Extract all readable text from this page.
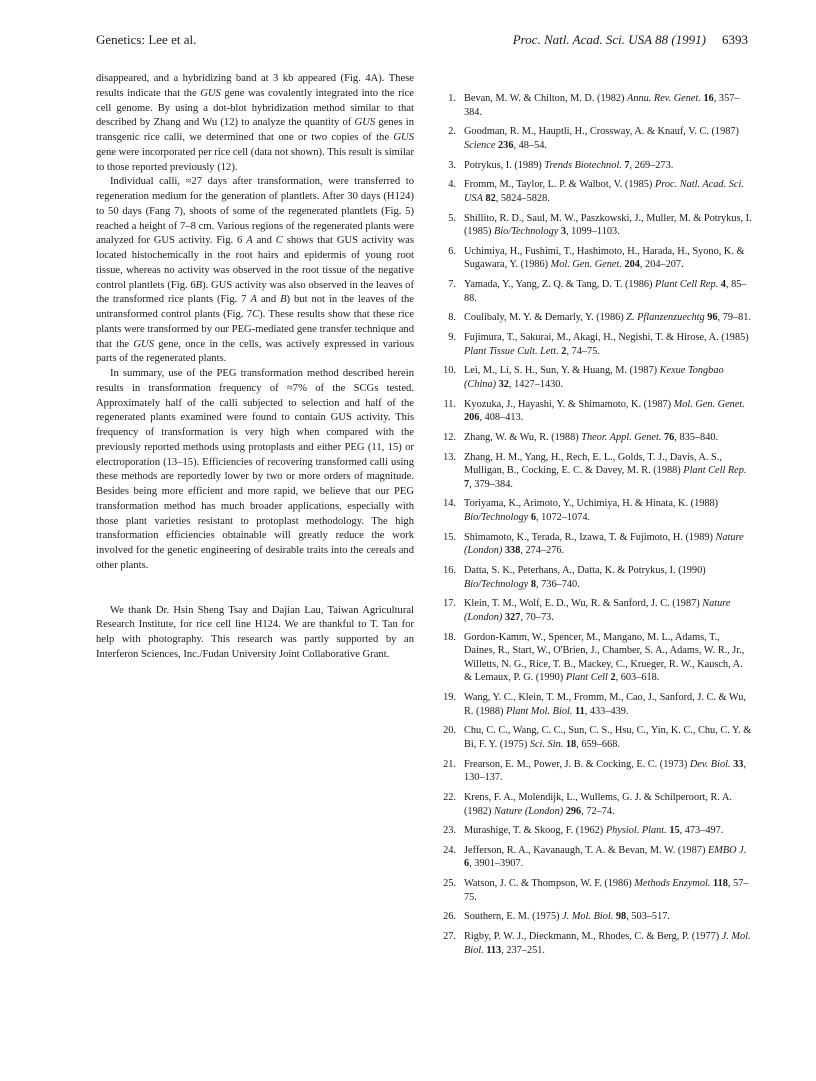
Genetics: Lee et al.	Proc. Natl. Acad. Sci. USA 88 (1991) 6393

disappeared, and a hybridizing band at 3 kb appeared (Fig. 4A). These results indicate that the GUS gene was covalently integrated into the rice cell genome. By using a dot-blot hybridization method similar to that described by Zhang and Wu (12) to analyze the quantity of GUS genes in transgenic rice calli, we determined that one or two copies of the GUS gene were incorporated per rice cell (data not shown). This result is similar to those reported previously (12).

Individual calli, ≈27 days after transformation, were transferred to regeneration medium for the generation of plantlets. After 30 days (H124) to 50 days (Fang 7), shoots of some of the regenerated plantlets (Fig. 5) reached a height of 7–8 cm. Various regions of the regenerated plants were analyzed for GUS activity. Fig. 6 A and C shows that GUS activity was located histochemically in the root hairs and epidermis of young root tissue, whereas no activity was observed in the root tissue of the negative control plantlets (Fig. 6B). GUS activity was also observed in the leaves of the transformed rice plants (Fig. 7 A and B) but not in the leaves of the untransformed control plants (Fig. 7C). These results show that these rice plants were transformed by our PEG-mediated gene transfer technique and that the GUS gene, once in the cells, was actively expressed in various parts of the regenerated plants.

In summary, use of the PEG transformation method described herein results in transformation frequency of ≈7% of the SCGs tested. Approximately half of the calli subjected to selection and half of the regenerated plants examined were found to contain GUS activity. This frequency of transformation is very high when compared with the previously reported methods using protoplasts and either PEG (11, 15) or electroporation (13–15). Efficiencies of recovering transformed calli using these methods are reportedly lower by two or more orders of magnitude. Besides being more efficient and more rapid, we believe that our PEG transformation method has much broader applications, especially with those plant varieties resistant to protoplast methodology. The high transformation efficiencies obtainable will greatly reduce the work involved for the genetic engineering of desirable traits into the cereals and other plants.

We thank Dr. Hsin Sheng Tsay and Dajian Lau, Taiwan Agricultural Research Institute, for rice cell line H124. We are thankful to T. Tan for help with photography. This research was partly supported by an Interferon Sciences, Inc./Fudan University Joint Collaborative Grant.

1. Bevan, M. W. & Chilton, M. D. (1982) Annu. Rev. Genet. 16, 357–384.
2. Goodman, R. M., Hauptli, H., Crossway, A. & Knauf, V. C. (1987) Science 236, 48–54.
3. Potrykus, I. (1989) Trends Biotechnol. 7, 269–273.
4. Fromm, M., Taylor, L. P. & Walbot, V. (1985) Proc. Natl. Acad. Sci. USA 82, 5824–5828.
5. Shillito, R. D., Saul, M. W., Paszkowski, J., Muller, M. & Potrykus, I. (1985) Bio/Technology 3, 1099–1103.
6. Uchimiya, H., Fushimi, T., Hashimoto, H., Harada, H., Syono, K. & Sugawara, Y. (1986) Mol. Gen. Genet. 204, 204–207.
7. Yamada, Y., Yang, Z. Q. & Tang, D. T. (1986) Plant Cell Rep. 4, 85–88.
8. Coulibaly, M. Y. & Demarly, Y. (1986) Z. Pflanzenzuechtg 96, 79–81.
9. Fujimura, T., Sakurai, M., Akagi, H., Negishi, T. & Hirose, A. (1985) Plant Tissue Cult. Lett. 2, 74–75.
10. Lei, M., Li, S. H., Sun, Y. & Huang, M. (1987) Kexue Tongbao (China) 32, 1427–1430.
11. Kyozuka, J., Hayashi, Y. & Shimamoto, K. (1987) Mol. Gen. Genet. 206, 408–413.
12. Zhang, W. & Wu, R. (1988) Theor. Appl. Genet. 76, 835–840.
13. Zhang, H. M., Yang, H., Rech, E. L., Golds, T. J., Davis, A. S., Mulligan, B., Cocking, E. C. & Davey, M. R. (1988) Plant Cell Rep. 7, 379–384.
14. Toriyama, K., Arimoto, Y., Uchimiya, H. & Hinata, K. (1988) Bio/Technology 6, 1072–1074.
15. Shimamoto, K., Terada, R., Izawa, T. & Fujimoto, H. (1989) Nature (London) 338, 274–276.
16. Datta, S. K., Peterhans, A., Datta, K. & Potrykus, I. (1990) Bio/Technology 8, 736–740.
17. Klein, T. M., Wolf, E. D., Wu, R. & Sanford, J. C. (1987) Nature (London) 327, 70–73.
18. Gordon-Kamm, W., Spencer, M., Mangano, M. L., Adams, T., Daines, R., Start, W., O'Brien, J., Chamber, S. A., Adams, W. R., Jr., Willetts, N. G., Rice, T. B., Mackey, C., Krueger, R. W., Kausch, A. & Lemaux, P. G. (1990) Plant Cell 2, 603–618.
19. Wang, Y. C., Klein, T. M., Fromm, M., Cao, J., Sanford, J. C. & Wu, R. (1988) Plant Mol. Biol. 11, 433–439.
20. Chu, C. C., Wang, C. C., Sun, C. S., Hsu, C., Yin, K. C., Chu, C. Y. & Bi, F. Y. (1975) Sci. Sin. 18, 659–668.
21. Frearson, E. M., Power, J. B. & Cocking, E. C. (1973) Dev. Biol. 33, 130–137.
22. Krens, F. A., Molendijk, L., Wullems, G. J. & Schilperoort, R. A. (1982) Nature (London) 296, 72–74.
23. Murashige, T. & Skoog, F. (1962) Physiol. Plant. 15, 473–497.
24. Jefferson, R. A., Kavanaugh, T. A. & Bevan, M. W. (1987) EMBO J. 6, 3901–3907.
25. Watson, J. C. & Thompson, W. F. (1986) Methods Enzymol. 118, 57–75.
26. Southern, E. M. (1975) J. Mol. Biol. 98, 503–517.
27. Rigby, P. W. J., Dieckmann, M., Rhodes, C. & Berg, P. (1977) J. Mol. Biol. 113, 237–251.
